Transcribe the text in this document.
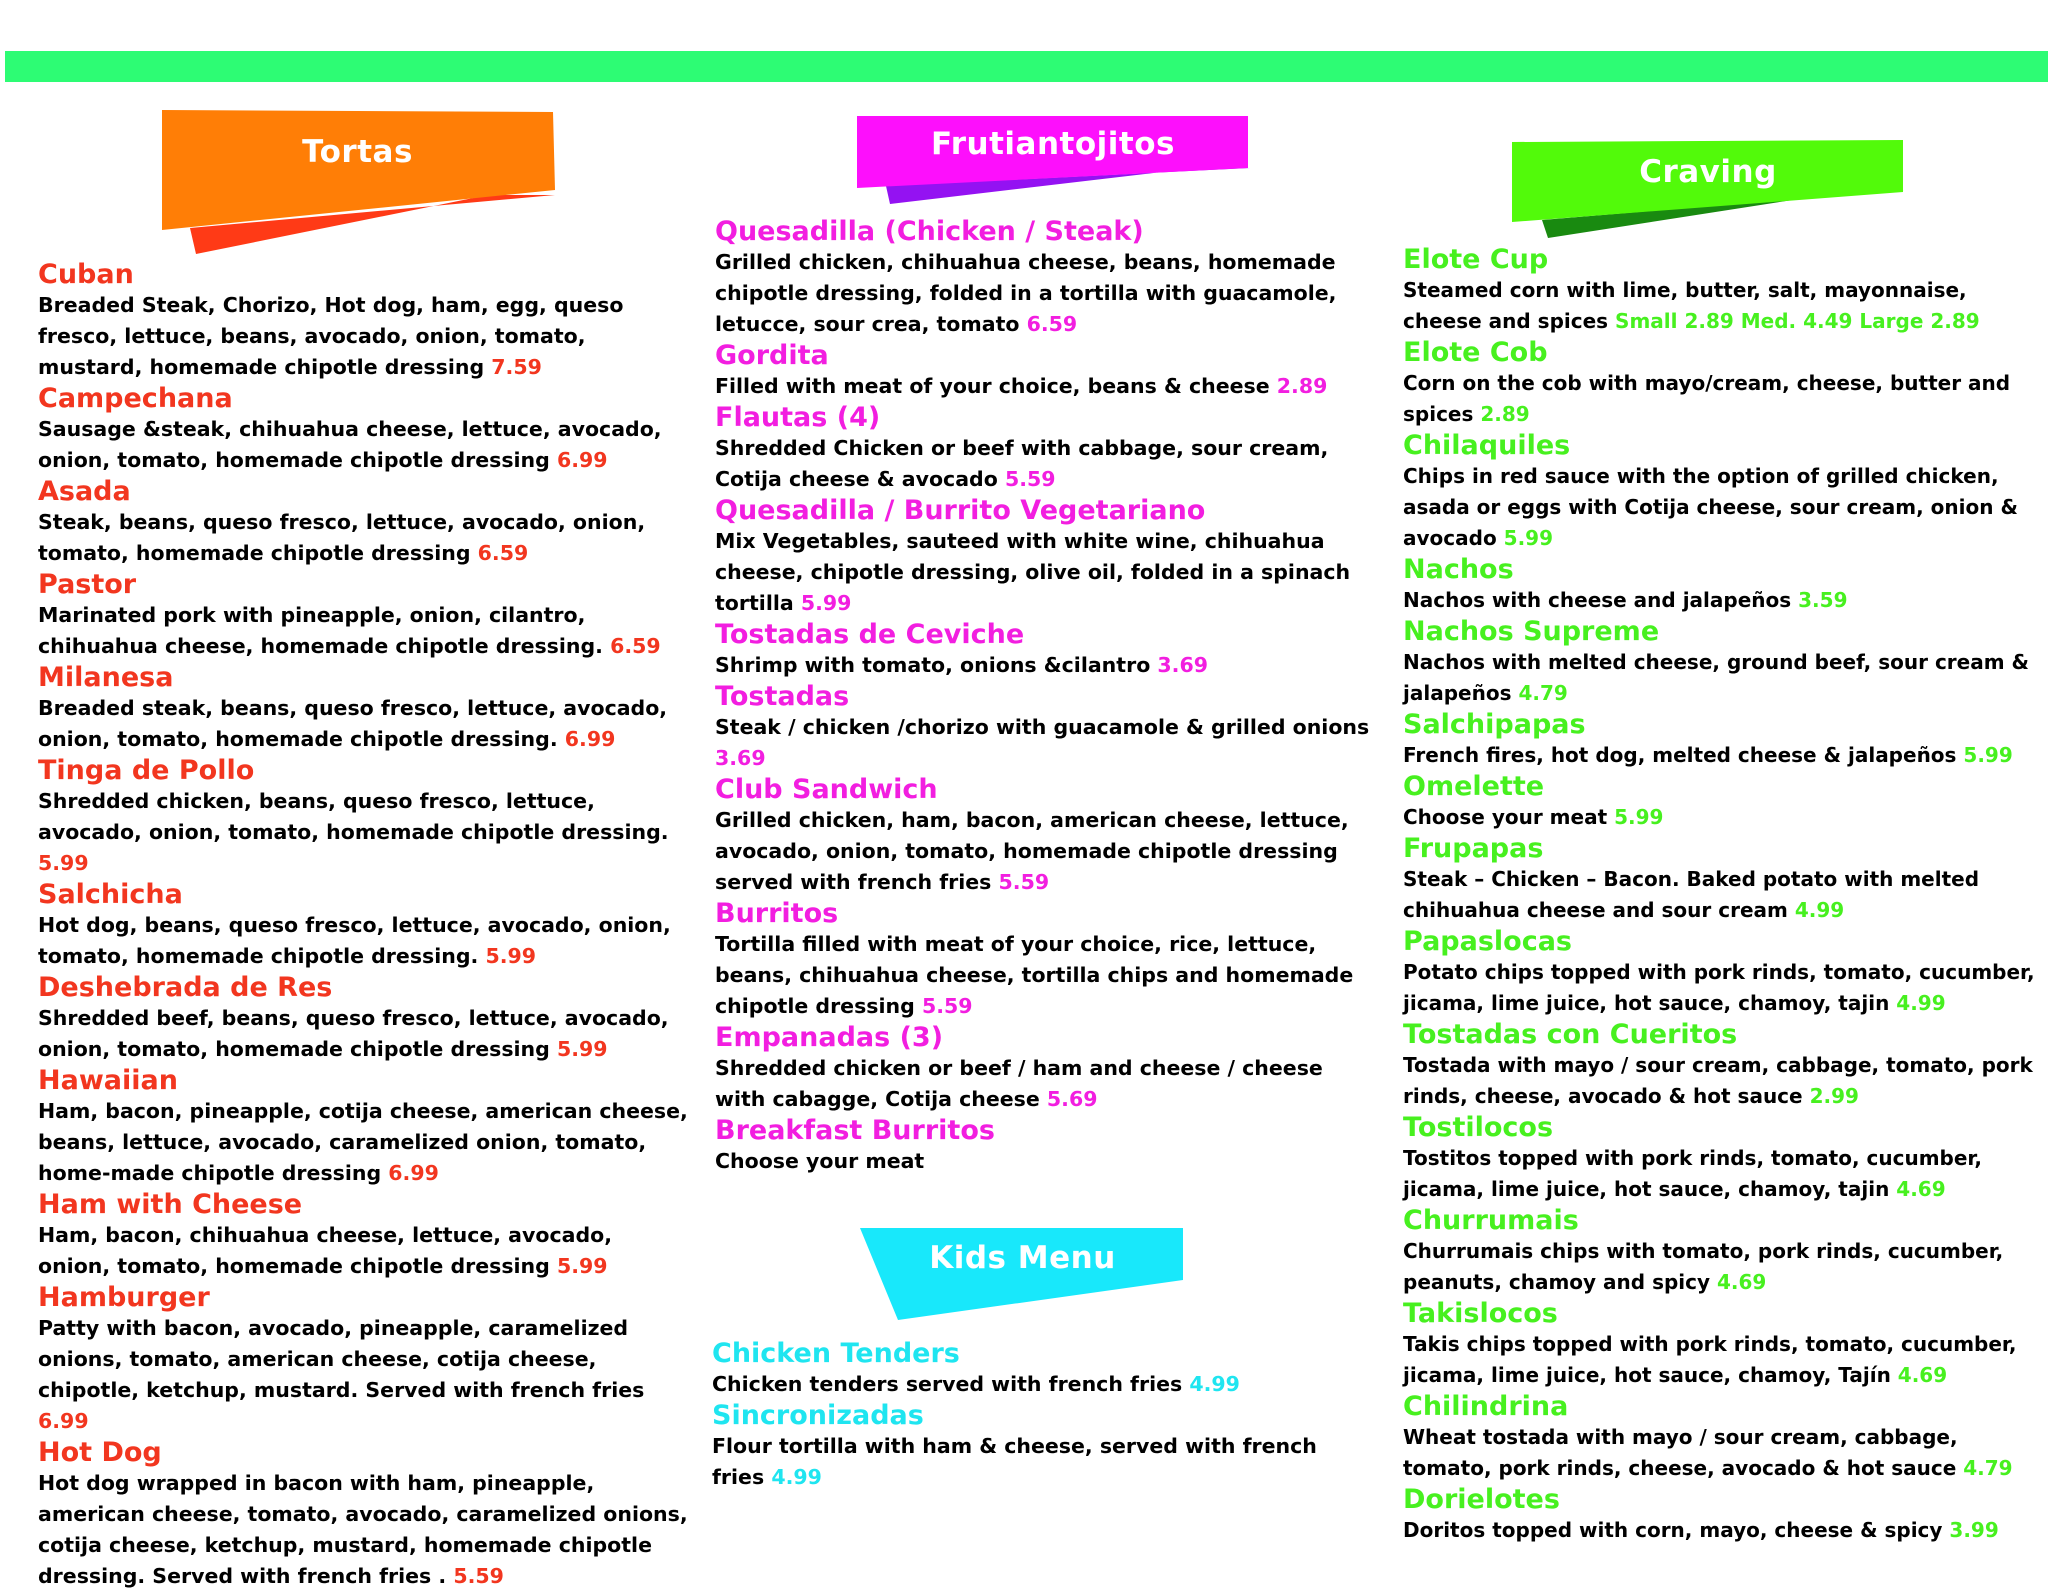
Tortas	Frutiantojitos
Craving
Kids Menu
Cuban
Breaded Steak, Chorizo, Hot dog, ham, egg, queso fresco, lettuce, beans, avocado, onion, tomato, mustard, homemade chipotle dressing 7.59
Campechana
Sausage &steak, chihuahua cheese, lettuce, avocado, onion, tomato, homemade chipotle dressing 6.99
Asada
Steak, beans, queso fresco, lettuce, avocado, onion, tomato, homemade chipotle dressing 6.59
Pastor
Marinated pork with pineapple, onion, cilantro, chihuahua cheese, homemade chipotle dressing. 6.59
Milanesa
Breaded steak, beans, queso fresco, lettuce, avocado, onion, tomato, homemade chipotle dressing. 6.99
Tinga de Pollo
Shredded chicken, beans, queso fresco, lettuce, avocado, onion, tomato, homemade chipotle dressing. 5.99
Salchicha
Hot dog, beans, queso fresco, lettuce, avocado, onion, tomato, homemade chipotle dressing. 5.99
Deshebrada de Res
Shredded beef, beans, queso fresco, lettuce, avocado, onion, tomato, homemade chipotle dressing 5.99
Hawaiian
Ham, bacon, pineapple, cotija cheese, american cheese, beans, lettuce, avocado, caramelized onion, tomato, home-made chipotle dressing 6.99
Ham with Cheese
Ham, bacon, chihuahua cheese, lettuce, avocado, onion, tomato, homemade chipotle dressing 5.99
Hamburger
Patty with bacon, avocado, pineapple, caramelized onions, tomato, american cheese, cotija cheese, chipotle, ketchup, mustard. Served with french fries 6.99
Hot Dog
Hot dog wrapped in bacon with ham, pineapple, american cheese, tomato, avocado, caramelized onions, cotija cheese, ketchup, mustard, homemade chipotle dressing. Served with french fries . 5.59
Quesadilla (Chicken / Steak)
Grilled chicken, chihuahua cheese, beans, homemade chipotle dressing, folded in a tortilla with guacamole, letucce, sour crea, tomato 6.59
Gordita
Filled with meat of your choice, beans & cheese 2.89
Flautas (4)
Shredded Chicken or beef with cabbage, sour cream, Cotija cheese & avocado 5.59
Quesadilla / Burrito Vegetariano
Mix Vegetables, sauteed with white wine, chihuahua cheese, chipotle dressing, olive oil, folded in a spinach tortilla 5.99
Tostadas de Ceviche
Shrimp with tomato, onions &cilantro 3.69
Tostadas
Steak / chicken /chorizo with guacamole & grilled onions 3.69
Club Sandwich
Grilled chicken, ham, bacon, american cheese, lettuce, avocado, onion, tomato, homemade chipotle dressing served with french fries 5.59
Burritos
Tortilla filled with meat of your choice, rice, lettuce, beans, chihuahua cheese, tortilla chips and homemade chipotle dressing 5.59
Empanadas (3)
Shredded chicken or beef / ham and cheese / cheese with cabagge, Cotija cheese 5.69
Breakfast Burritos
Choose your meat
Chicken Tenders
Chicken tenders served with french fries 4.99
Sincronizadas
Flour tortilla with ham & cheese, served with french fries 4.99
Elote Cup
Steamed corn with lime, butter, salt, mayonnaise, cheese and spices Small 2.89 Med. 4.49 Large 2.89
Elote Cob
Corn on the cob with mayo/cream, cheese, butter and spices 2.89
Chilaquiles
Chips in red sauce with the option of grilled chicken, asada or eggs with Cotija cheese, sour cream, onion & avocado 5.99
Nachos
Nachos with cheese and jalapeños 3.59
Nachos Supreme
Nachos with melted cheese, ground beef, sour cream & jalapeños 4.79
Salchipapas
French fires, hot dog, melted cheese & jalapeños 5.99
Omelette
Choose your meat 5.99
Frupapas
Steak – Chicken – Bacon. Baked potato with melted chihuahua cheese and sour cream 4.99
Papaslocas
Potato chips topped with pork rinds, tomato, cucumber, jicama, lime juice, hot sauce, chamoy, tajin 4.99
Tostadas con Cueritos
Tostada with mayo / sour cream, cabbage, tomato, pork rinds, cheese, avocado & hot sauce 2.99
Tostilocos
Tostitos topped with pork rinds, tomato, cucumber, jicama, lime juice, hot sauce, chamoy, tajin 4.69
Churrumais
Churrumais chips with tomato, pork rinds, cucumber, peanuts, chamoy and spicy 4.69
Takislocos
Takis chips topped with pork rinds, tomato, cucumber, jicama, lime juice, hot sauce, chamoy, Tajín 4.69
Chilindrina
Wheat tostada with mayo / sour cream, cabbage, tomato, pork rinds, cheese, avocado & hot sauce 4.79
Dorielotes
Doritos topped with corn, mayo, cheese & spicy 3.99
